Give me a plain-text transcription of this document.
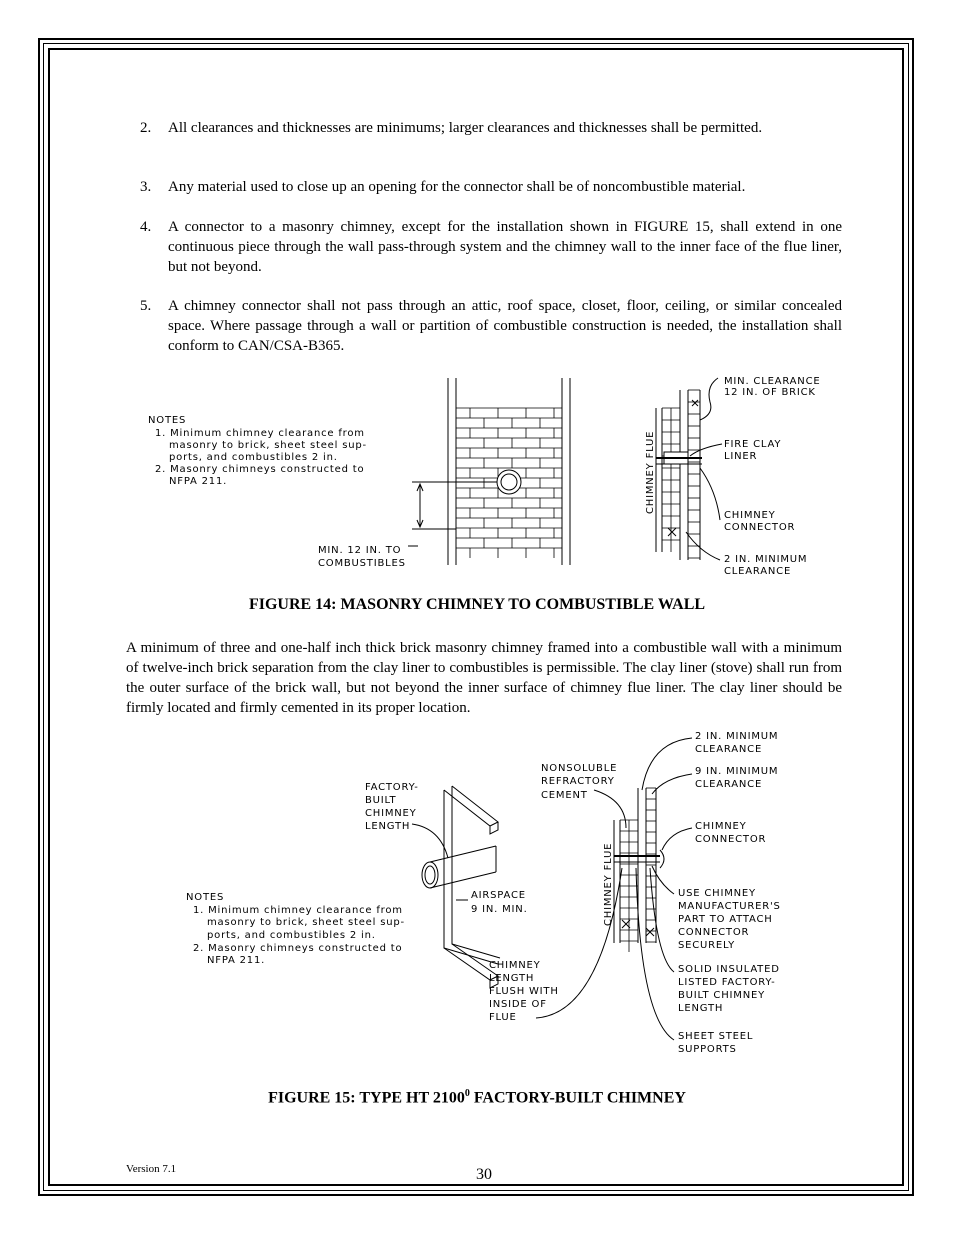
2. All clearances and thicknesses are minimums; larger clearances and thicknesses shall be permitted.
3. Any material used to close up an opening for the connector shall be of noncombustible material.
4. A connector to a masonry chimney, except for the installation shown in FIGURE 15, shall extend in one continuous piece through the wall pass-through system and the chimney wall to the inner face of the flue liner, but not beyond.
5. A chimney connector shall not pass through an attic, roof space, closet, floor, ceiling, or similar concealed space. Where passage through a wall or partition of combustible construction is needed, the installation shall conform to CAN/CSA-B365.
NOTES
1. Minimum chimney clearance from
masonry to brick, sheet steel sup-
ports, and combustibles 2 in.
2. Masonry chimneys constructed to
NFPA 211.
MIN. 12 IN. TO
COMBUSTIBLES
CHIMNEY FLUE
MIN. CLEARANCE
12 IN. OF BRICK
FIRE CLAY
LINER
CHIMNEY
CONNECTOR
2 IN. MINIMUM
CLEARANCE
FIGURE 14: MASONRY CHIMNEY TO COMBUSTIBLE WALL
A minimum of three and one-half inch thick brick masonry chimney framed into a combustible wall with a minimum of twelve-inch brick separation from the clay liner to combustibles is permissible. The clay liner (stove) shall run from the outer surface of the brick wall, but not beyond the inner surface of chimney flue liner. The clay liner should be firmly located and firmly cemented in its proper location.
NOTES
1. Minimum chimney clearance from
masonry to brick, sheet steel sup-
ports, and combustibles 2 in.
2. Masonry chimneys constructed to
NFPA 211.
FACTORY-
BUILT
CHIMNEY
LENGTH
AIRSPACE
9 IN. MIN.
NONSOLUBLE
REFRACTORY
CEMENT
CHIMNEY FLUE
CHIMNEY
LENGTH
FLUSH WITH
INSIDE OF
FLUE
2 IN. MINIMUM
CLEARANCE
9 IN. MINIMUM
CLEARANCE
CHIMNEY
CONNECTOR
USE CHIMNEY
MANUFACTURER'S
PART TO ATTACH
CONNECTOR
SECURELY
SOLID INSULATED
LISTED FACTORY-
BUILT CHIMNEY
LENGTH
SHEET STEEL
SUPPORTS
FIGURE 15: TYPE HT 2100$^0$ FACTORY-BUILT CHIMNEY
Version 7.1	30
